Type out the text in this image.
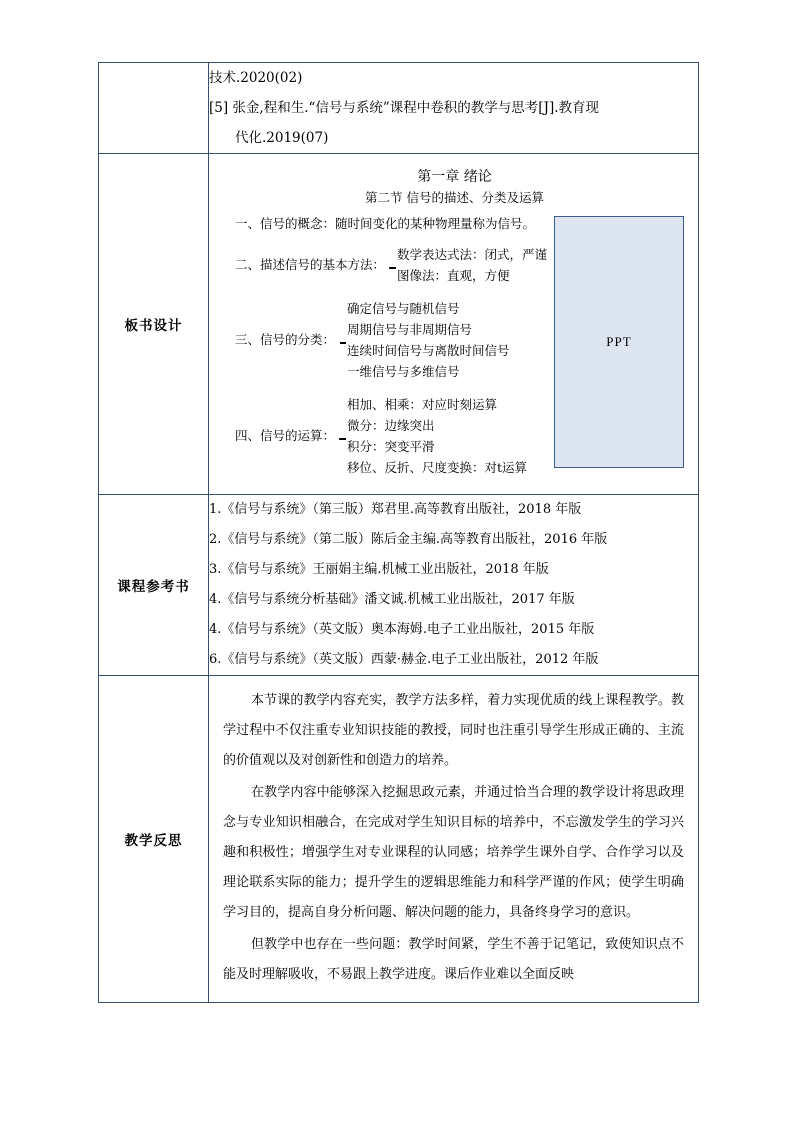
	技术.2020(02)
[5] 张金,程和生.“信号与系统”课程中卷积的教学与思考[J].教育现
代化.2019(07)

板书设计	
第一章 绪论
第二节 信号的描述、分类及运算
PPT
一、信号的概念：随时间变化的某种物理量称为信号。
二、描述信号的基本方法：
数学表达式法：闭式，严谨
图像法：直观，方便
三、信号的分类：
确定信号与随机信号
周期信号与非周期信号
连续时间信号与离散时间信号
一维信号与多维信号
四、信号的运算：
相加、相乘：对应时刻运算
微分：边缘突出
积分：突变平滑
移位、反折、尺度变换：对t运算

课程参考书	
1.《信号与系统》（第三版）郑君里.高等教育出版社，2018 年版
2.《信号与系统》（第二版）陈后金主编.高等教育出版社，2016 年版
3.《信号与系统》王丽娟主编.机械工业出版社，2018 年版
4.《信号与系统分析基础》潘文诚.机械工业出版社，2017 年版
4.《信号与系统》（英文版）奥本海姆.电子工业出版社，2015 年版
6.《信号与系统》（英文版）西蒙·赫金.电子工业出版社，2012 年版

教学反思	本节课的教学内容充实，教学方法多样，着力实现优质的线上课程教学。教学过程中不仅注重专业知识技能的教授，同时也注重引导学生形成正确的、主流的价值观以及对创新性和创造力的培养。

在教学内容中能够深入挖掘思政元素，并通过恰当合理的教学设计将思政理念与专业知识相融合，在完成对学生知识目标的培养中，不忘激发学生的学习兴趣和积极性；增强学生对专业课程的认同感；培养学生课外自学、合作学习以及理论联系实际的能力；提升学生的逻辑思维能力和科学严谨的作风；使学生明确学习目的，提高自身分析问题、解决问题的能力，具备终身学习的意识。

但教学中也存在一些问题：教学时间紧，学生不善于记笔记，致使知识点不能及时理解吸收，不易跟上教学进度。课后作业难以全面反映
